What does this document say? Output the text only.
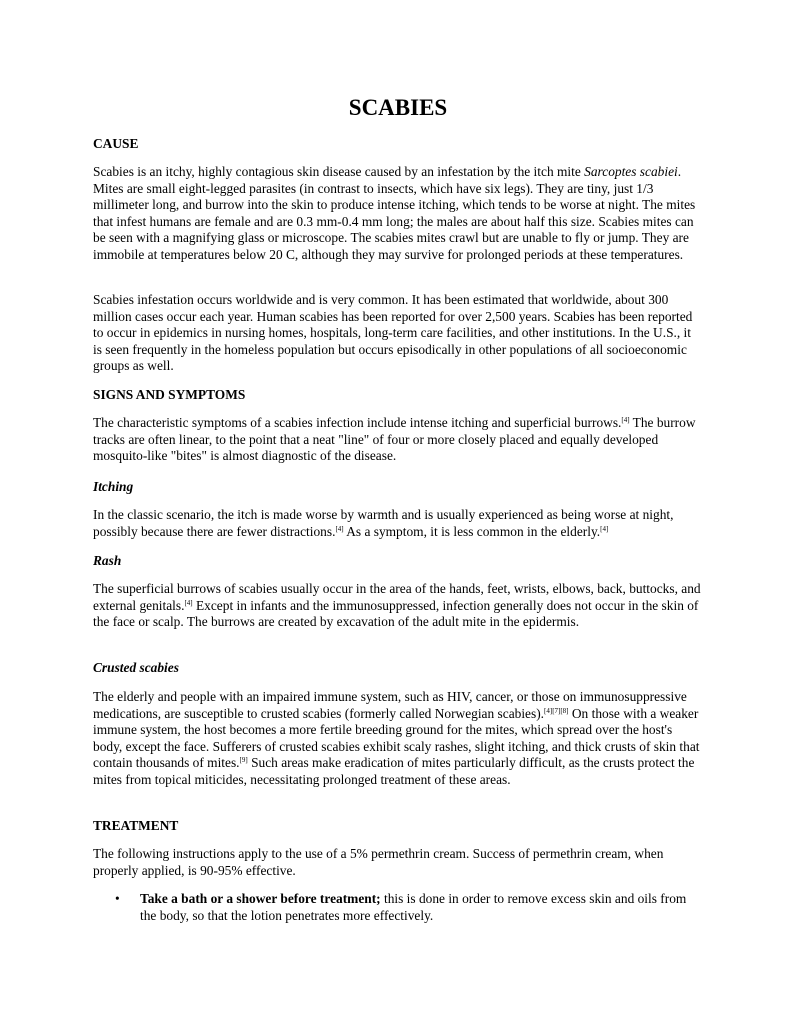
SCABIES
CAUSE

Scabies is an itchy, highly contagious skin disease caused by an infestation by the itch mite Sarcoptes scabiei. Mites are small eight-legged parasites (in contrast to insects, which have six legs). They are tiny, just 1/3 millimeter long, and burrow into the skin to produce intense itching, which tends to be worse at night. The mites that infest humans are female and are 0.3 mm-0.4 mm long; the males are about half this size. Scabies mites can be seen with a magnifying glass or microscope. The scabies mites crawl but are unable to fly or jump. They are immobile at temperatures below 20 C, although they may survive for prolonged periods at these temperatures.

Scabies infestation occurs worldwide and is very common. It has been estimated that worldwide, about 300 million cases occur each year. Human scabies has been reported for over 2,500 years. Scabies has been reported to occur in epidemics in nursing homes, hospitals, long-term care facilities, and other institutions. In the U.S., it is seen frequently in the homeless population but occurs episodically in other populations of all socioeconomic groups as well.

SIGNS AND SYMPTOMS

The characteristic symptoms of a scabies infection include intense itching and superficial burrows.[4] The burrow tracks are often linear, to the point that a neat "line" of four or more closely placed and equally developed mosquito-like "bites" is almost diagnostic of the disease.

Itching

In the classic scenario, the itch is made worse by warmth and is usually experienced as being worse at night, possibly because there are fewer distractions.[4] As a symptom, it is less common in the elderly.[4]

Rash

The superficial burrows of scabies usually occur in the area of the hands, feet, wrists, elbows, back, buttocks, and external genitals.[4] Except in infants and the immunosuppressed, infection generally does not occur in the skin of the face or scalp. The burrows are created by excavation of the adult mite in the epidermis.

Crusted scabies

The elderly and people with an impaired immune system, such as HIV, cancer, or those on immunosuppressive medications, are susceptible to crusted scabies (formerly called Norwegian scabies).[4][7][8] On those with a weaker immune system, the host becomes a more fertile breeding ground for the mites, which spread over the host's body, except the face. Sufferers of crusted scabies exhibit scaly rashes, slight itching, and thick crusts of skin that contain thousands of mites.[9] Such areas make eradication of mites particularly difficult, as the crusts protect the mites from topical miticides, necessitating prolonged treatment of these areas.

TREATMENT

The following instructions apply to the use of a 5% permethrin cream. Success of permethrin cream, when properly applied, is 90-95% effective.

• Take a bath or a shower before treatment; this is done in order to remove excess skin and oils from the body, so that the lotion penetrates more effectively.
